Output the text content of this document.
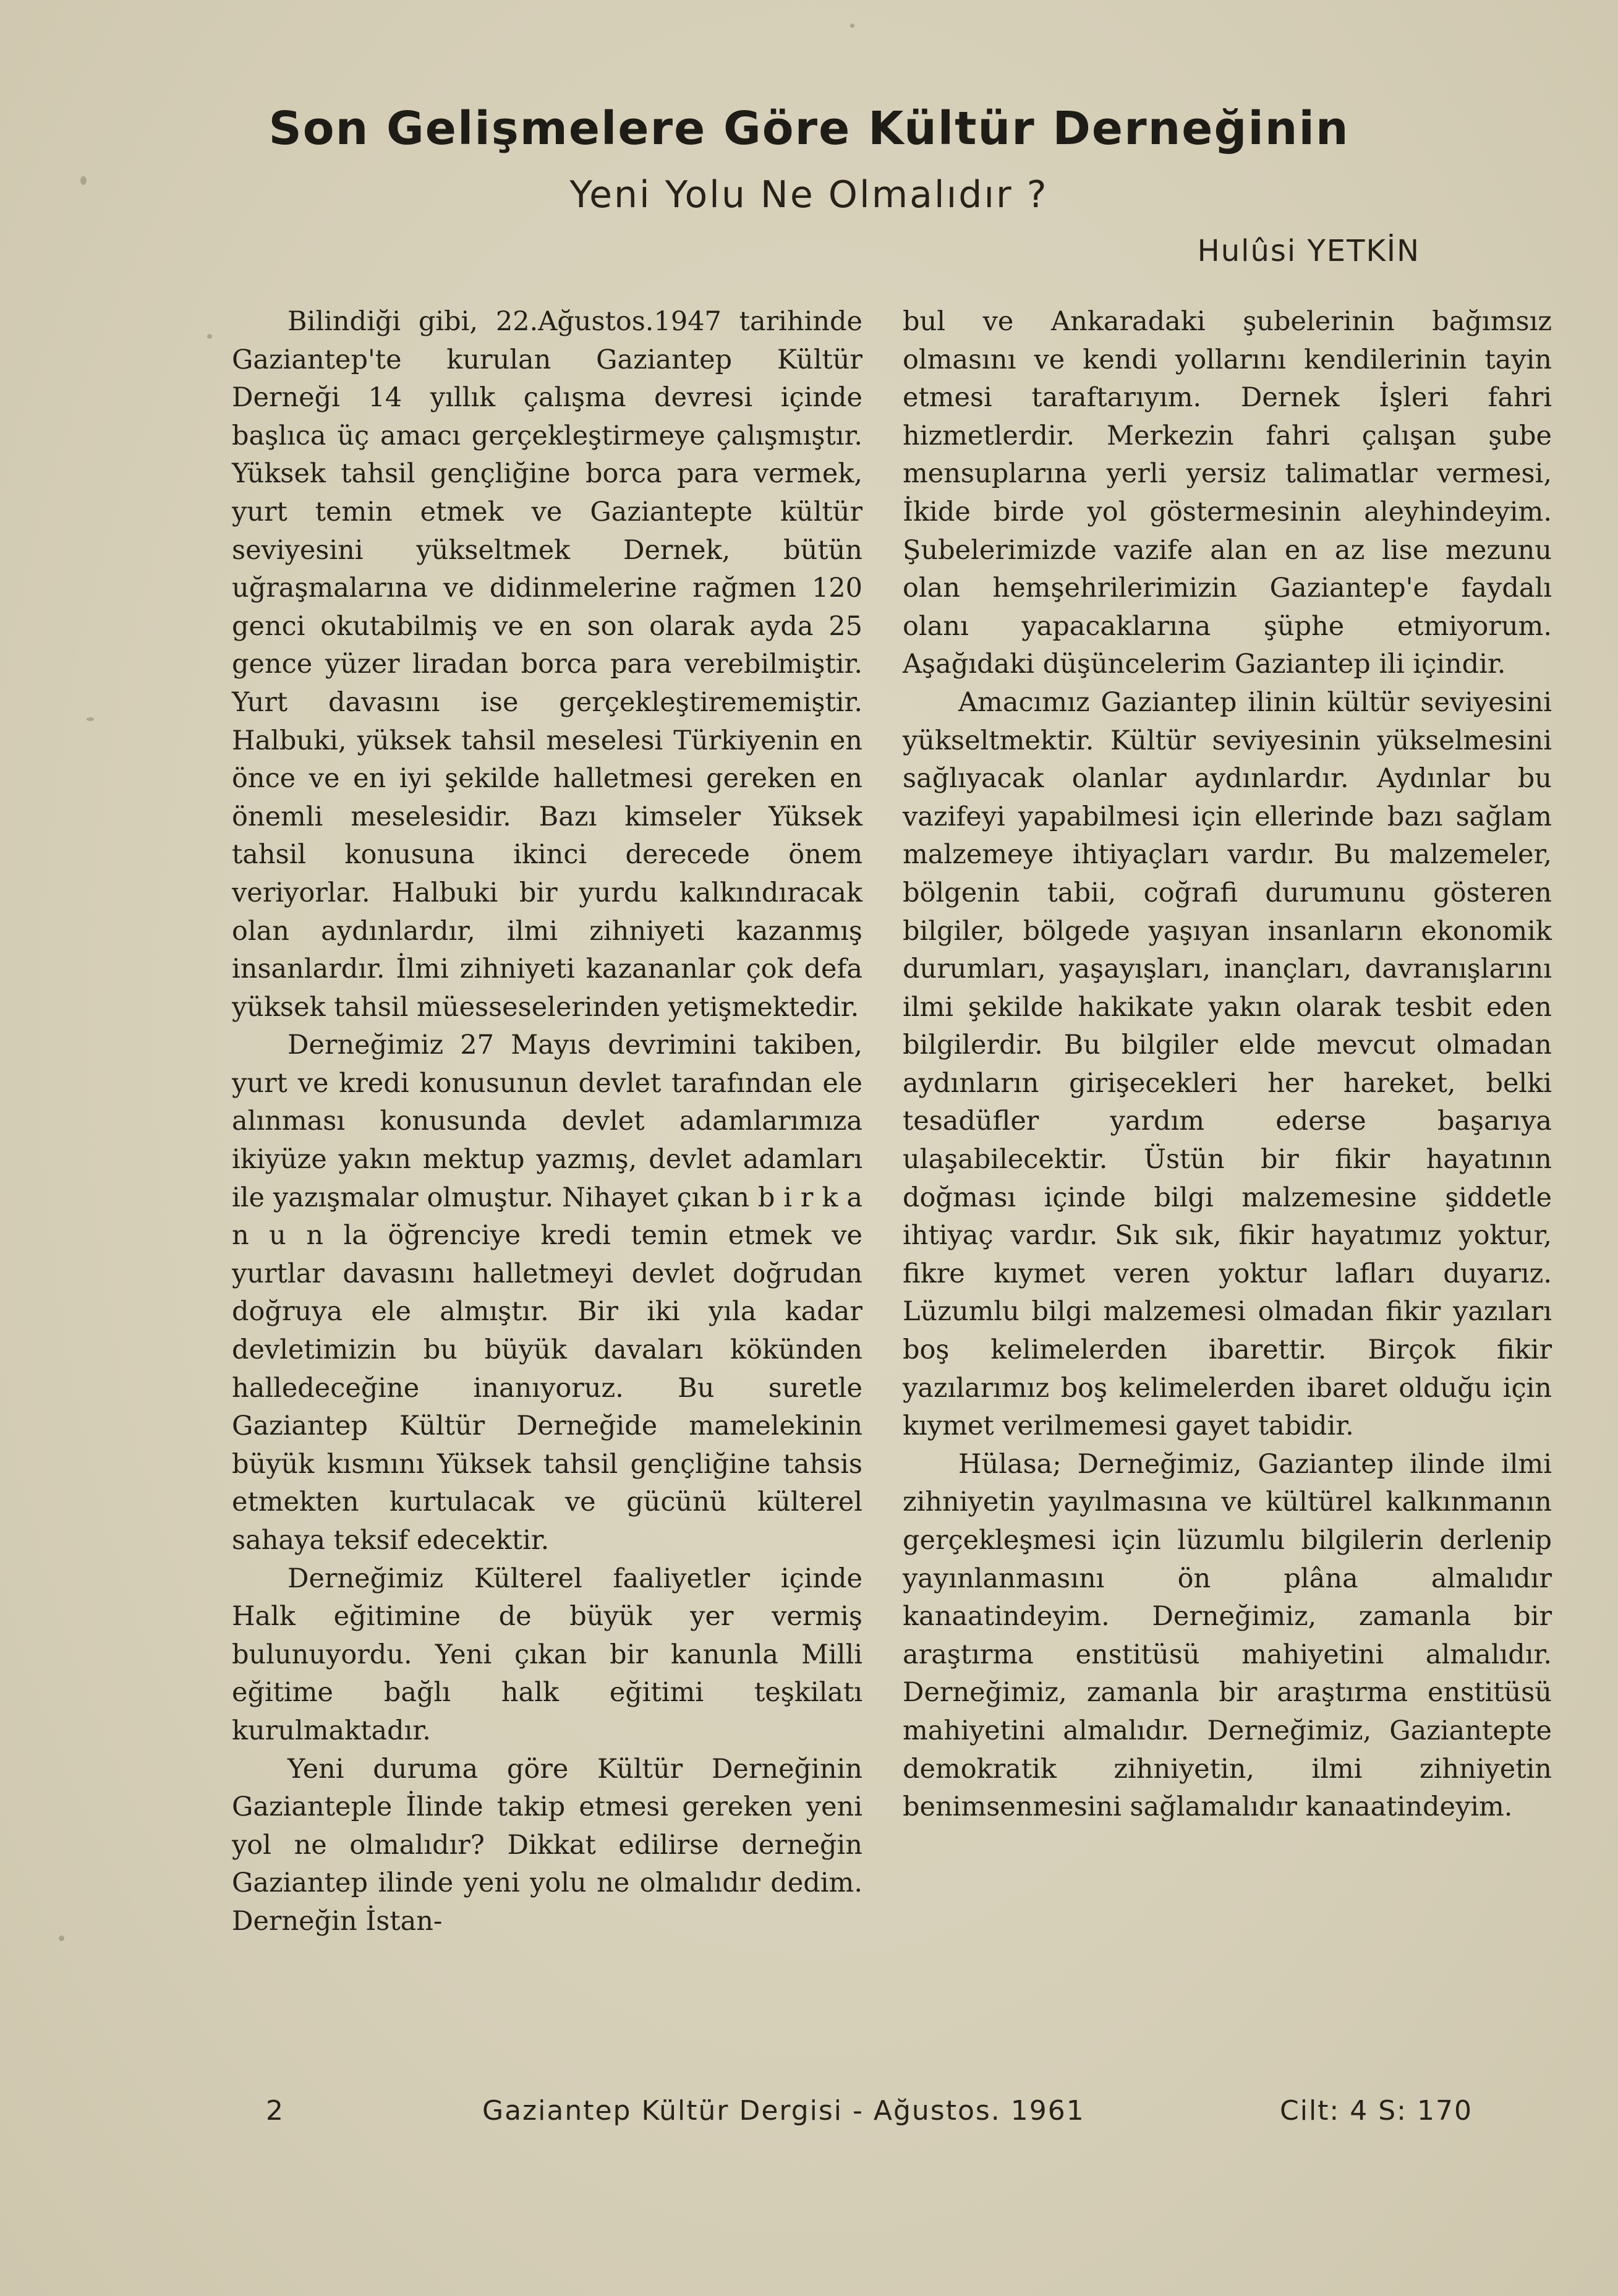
Son Gelişmelere Göre Kültür Derneğinin
Yeni Yolu Ne Olmalıdır ?
Hulûsi YETKİN

Bilindiği gibi, 22.Ağustos.1947 tarihinde Gaziantep'te kurulan Gaziantep Kültür Derneği 14 yıllık çalışma devresi içinde başlıca üç amacı gerçekleştirmeye çalışmıştır. Yüksek tahsil gençliğine borca para vermek, yurt temin etmek ve Gaziantepte kültür seviyesini yükseltmek Dernek, bütün uğraşmalarına ve didinmelerine rağmen 120 genci okutabilmiş ve en son olarak ayda 25 gence yüzer liradan borca para verebilmiştir. Yurt davasını ise gerçekleştirememiştir. Halbuki, yüksek tahsil meselesi Türkiyenin en önce ve en iyi şekilde halletmesi gereken en önemli meselesidir. Bazı kimseler Yüksek tahsil konusuna ikinci derecede önem veriyorlar. Halbuki bir yurdu kalkındıracak olan aydınlardır, ilmi zihniyeti kazanmış insanlardır. İlmi zihniyeti kazananlar çok defa yüksek tahsil müesseselerinden yetişmektedir.

Derneğimiz 27 Mayıs devrimini takiben, yurt ve kredi konusunun devlet tarafından ele alınması konusunda devlet adamlarımıza ikiyüze yakın mektup yazmış, devlet adamları ile yazışmalar olmuştur. Nihayet çıkan b i r k a n u n la öğrenciye kredi temin etmek ve yurtlar davasını halletmeyi devlet doğrudan doğruya ele almıştır. Bir iki yıla kadar devletimizin bu büyük davaları kökünden halledeceğine inanıyoruz. Bu suretle Gaziantep Kültür Derneğide mamelekinin büyük kısmını Yüksek tahsil gençliğine tahsis etmekten kurtulacak ve gücünü külterel sahaya teksif edecektir.

Derneğimiz Külterel faaliyetler içinde Halk eğitimine de büyük yer vermiş bulunuyordu. Yeni çıkan bir kanunla Milli eğitime bağlı halk eğitimi teşkilatı kurulmaktadır.

Yeni duruma göre Kültür Derneğinin Gazianteple İlinde takip etmesi gereken yeni yol ne olmalıdır? Dikkat edilirse derneğin Gaziantep ilinde yeni yolu ne olmalıdır dedim. Derneğin İstan-

bul ve Ankaradaki şubelerinin bağımsız olmasını ve kendi yollarını kendilerinin tayin etmesi taraftarıyım. Dernek İşleri fahri hizmetlerdir. Merkezin fahri çalışan şube mensuplarına yerli yersiz talimatlar vermesi, İkide birde yol göstermesinin aleyhindeyim. Şubelerimizde vazife alan en az lise mezunu olan hemşehrilerimizin Gaziantep'e faydalı olanı yapacaklarına şüphe etmiyorum. Aşağıdaki düşüncelerim Gaziantep ili içindir.

Amacımız Gaziantep ilinin kültür seviyesini yükseltmektir. Kültür seviyesinin yükselmesini sağlıyacak olanlar aydınlardır. Aydınlar bu vazifeyi yapabilmesi için ellerinde bazı sağlam malzemeye ihtiyaçları vardır. Bu malzemeler, bölgenin tabii, coğrafi durumunu gösteren bilgiler, bölgede yaşıyan insanların ekonomik durumları, yaşayışları, inançları, davranışlarını ilmi şekilde hakikate yakın olarak tesbit eden bilgilerdir. Bu bilgiler elde mevcut olmadan aydınların girişecekleri her hareket, belki tesadüfler yardım ederse başarıya ulaşabilecektir. Üstün bir fikir hayatının doğması içinde bilgi malzemesine şiddetle ihtiyaç vardır. Sık sık, fikir hayatımız yoktur, fikre kıymet veren yoktur lafları duyarız. Lüzumlu bilgi malzemesi olmadan fikir yazıları boş kelimelerden ibarettir. Birçok fikir yazılarımız boş kelimelerden ibaret olduğu için kıymet verilmemesi gayet tabidir.

Hülasa; Derneğimiz, Gaziantep ilinde ilmi zihniyetin yayılmasına ve kültürel kalkınmanın gerçekleşmesi için lüzumlu bilgilerin derlenip yayınlanmasını ön plâna almalıdır kanaatindeyim. Derneğimiz, zamanla bir araştırma enstitüsü mahiyetini almalıdır. Derneğimiz, zamanla bir araştırma enstitüsü mahiyetini almalıdır. Derneğimiz, Gaziantepte demokratik zihniyetin, ilmi zihniyetin benimsenmesini sağlamalıdır kanaatindeyim.

2	Gaziantep Kültür Dergisi - Ağustos. 1961	Cilt: 4 S: 170
